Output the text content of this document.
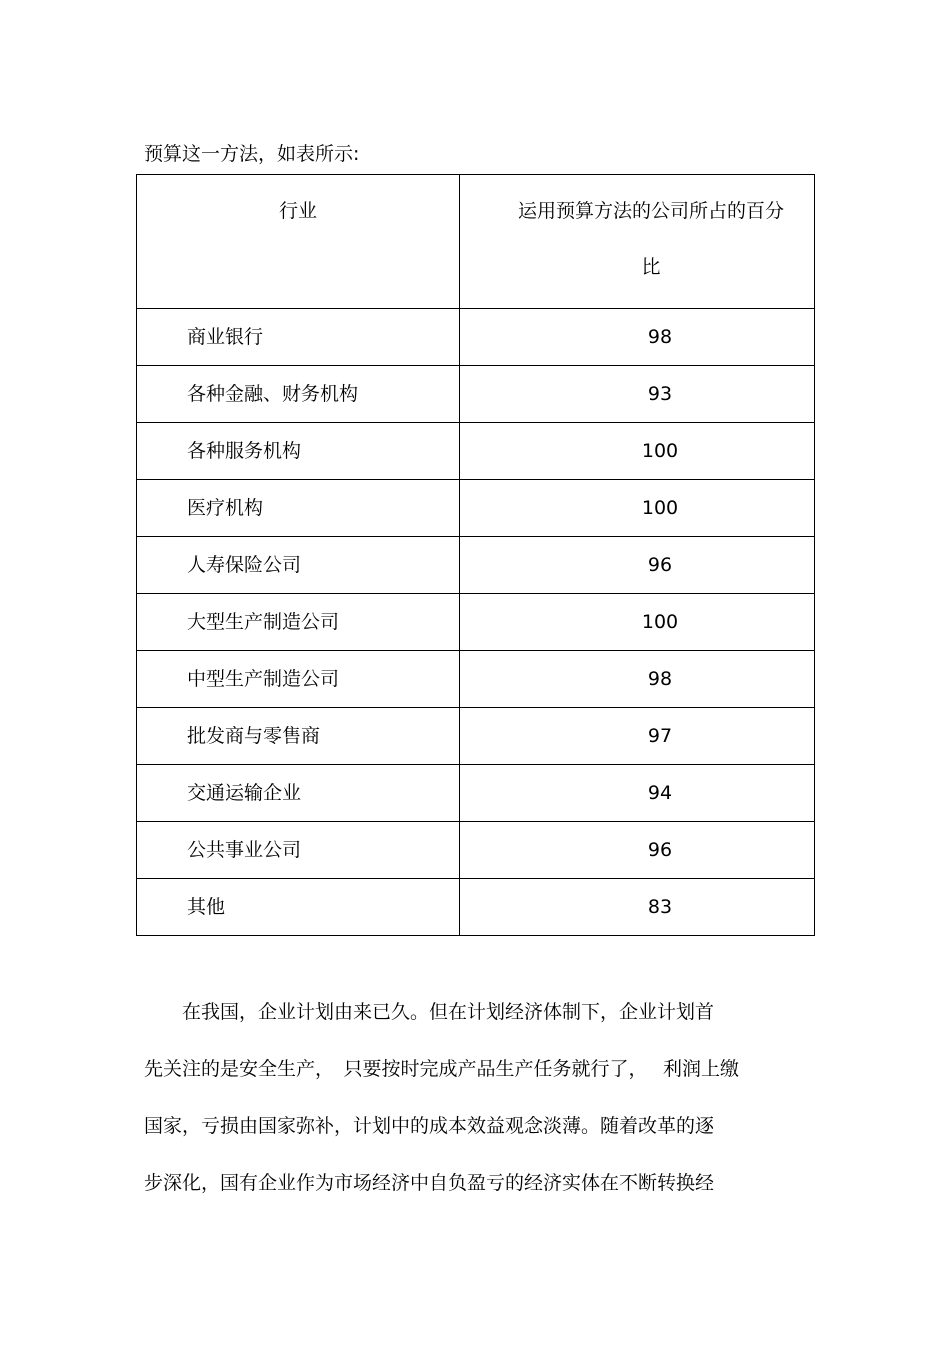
预算这一方法，如表所示:
行业	运用预算方法的公司所占的百分比

商业银行	98
各种金融、财务机构	93
各种服务机构	100
医疗机构	100
人寿保险公司	96
大型生产制造公司	100
中型生产制造公司	98
批发商与零售商	97
交通运输企业	94
公共事业公司	96
其他	83
　　在我国，企业计划由来已久。但在计划经济体制下，企业计划首
先关注的是安全生产，　只要按时完成产品生产任务就行了，　 利润上缴
国家，亏损由国家弥补，计划中的成本效益观念淡薄。随着改革的逐
步深化，国有企业作为市场经济中自负盈亏的经济实体在不断转换经
